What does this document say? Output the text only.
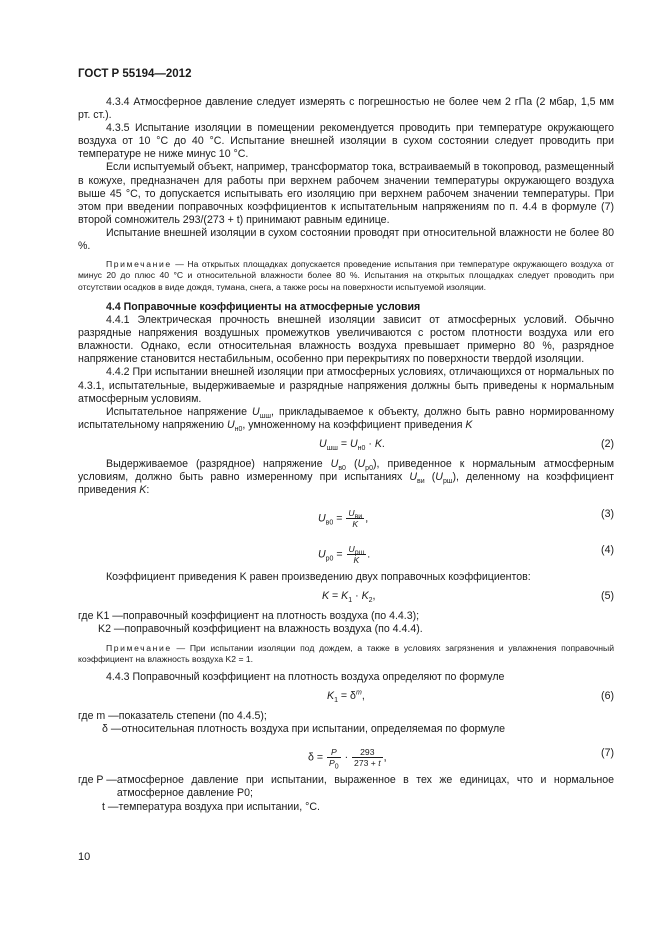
ГОСТ Р 55194—2012

4.3.4 Атмосферное давление следует измерять с погрешностью не более чем 2 гПа (2 мбар, 1,5 мм рт. ст.).

4.3.5 Испытание изоляции в помещении рекомендуется проводить при температуре окружающего воздуха от 10 °С до 40 °С. Испытание внешней изоляции в сухом состоянии следует проводить при температуре не ниже минус 10 °С.

Если испытуемый объект, например, трансформатор тока, встраиваемый в токопровод, размещенный в кожухе, предназначен для работы при верхнем рабочем значении температуры окружающего воздуха выше 45 °С, то допускается испытывать его изоляцию при верхнем рабочем значении температуры. При этом при введении поправочных коэффициентов к испытательным напряжениям по п. 4.4 в формуле (7) второй сомножитель 293/(273 + t) принимают равным единице.

Испытание внешней изоляции в сухом состоянии проводят при относительной влажности не более 80 %.

Примечание — На открытых площадках допускается проведение испытания при температуре окружающего воздуха от минус 20 до плюс 40 °С и относительной влажности более 80 %. Испытания на открытых площадках следует проводить при отсутствии осадков в виде дождя, тумана, снега, а также росы на поверхности испытуемой изоляции.

4.4 Поправочные коэффициенты на атмосферные условия

4.4.1 Электрическая прочность внешней изоляции зависит от атмосферных условий. Обычно разрядные напряжения воздушных промежутков увеличиваются с ростом плотности воздуха или его влажности. Однако, если относительная влажность воздуха превышает примерно 80 %, разрядное напряжение становится нестабильным, особенно при перекрытиях по поверхности твердой изоляции.

4.4.2 При испытании внешней изоляции при атмосферных условиях, отличающихся от нормальных по 4.3.1, испытательные, выдерживаемые и разрядные напряжения должны быть приведены к нормальным атмосферным условиям.

Испытательное напряжение $U_{шш}$, прикладываемое к объекту, должно быть равно нормированному испытательному напряжению $U_{н0}$, умноженному на коэффициент приведения K

$U_{шш} = U_{н0} \cdot K$.	(2)

Выдерживаемое (разрядное) напряжение $U_{в0}$ $(U_{р0})$, приведенное к нормальным атмосферным условиям, должно быть равно измеренному при испытаниях $U_{ви}$ $(U_{рш})$, деленному на коэффициент приведения K:

$U_{в0} = \frac{U_{ви}}{K}$ ,	(3)
$U_{р0} = \frac{U_{рш}}{K}$ .	(4)

Коэффициент приведения K равен произведению двух поправочных коэффициентов:

$K = K_1 \cdot K_2$,	(5)
где K1 — поправочный коэффициент на плотность воздуха (по 4.4.3);
K2 — поправочный коэффициент на влажность воздуха (по 4.4.4).

Примечание — При испытании изоляции под дождем, а также в условиях загрязнения и увлажнения поправочный коэффициент на влажность воздуха K2 = 1.

4.4.3 Поправочный коэффициент на плотность воздуха определяют по формуле

$K_1 = \delta^m$,	(6)
где m — показатель степени (по 4.4.5);
δ — относительная плотность воздуха при испытании, определяемая по формуле
$\delta = \frac{P}{P_0} \cdot \frac{293}{273 + t}$ ,	(7)
где P — атмосферное давление при испытании, выраженное в тех же единицах, что и нормальное атмосферное давление P0;
t — температура воздуха при испытании, °С.
10
